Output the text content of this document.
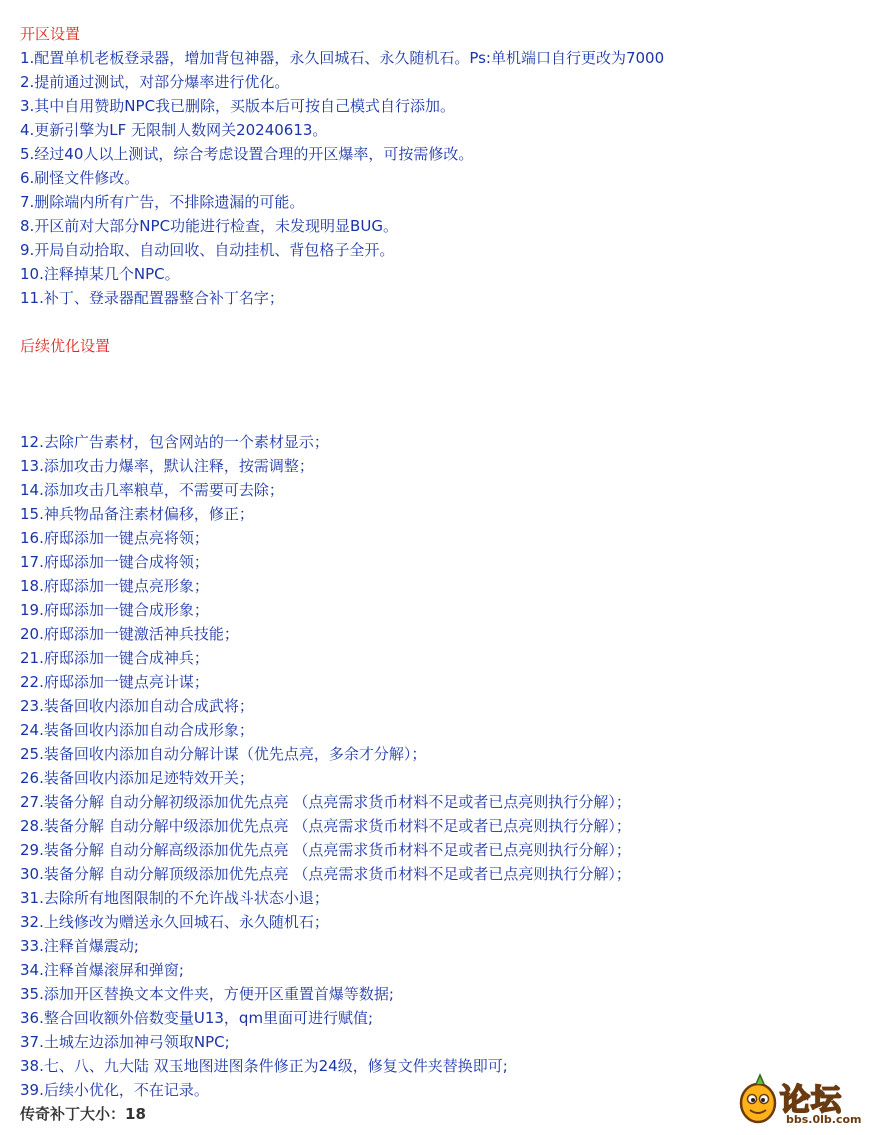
开区设置
1.配置单机老板登录器，增加背包神器，永久回城石、永久随机石。Ps:单机端口自行更改为7000
2.提前通过测试，对部分爆率进行优化。
3.其中自用赞助NPC我已删除，买版本后可按自己模式自行添加。
4.更新引擎为LF 无限制人数网关20240613。
5.经过40人以上测试，综合考虑设置合理的开区爆率，可按需修改。
6.刷怪文件修改。
7.删除端内所有广告，不排除遗漏的可能。
8.开区前对大部分NPC功能进行检查，未发现明显BUG。
9.开局自动拾取、自动回收、自动挂机、背包格子全开。
10.注释掉某几个NPC。
11.补丁、登录器配置器整合补丁名字；
后续优化设置
12.去除广告素材，包含网站的一个素材显示；
13.添加攻击力爆率，默认注释，按需调整；
14.添加攻击几率粮草，不需要可去除；
15.神兵物品备注素材偏移，修正；
16.府邸添加一键点亮将领；
17.府邸添加一键合成将领；
18.府邸添加一键点亮形象；
19.府邸添加一键合成形象；
20.府邸添加一键激活神兵技能；
21.府邸添加一键合成神兵；
22.府邸添加一键点亮计谋；
23.装备回收内添加自动合成武将；
24.装备回收内添加自动合成形象；
25.装备回收内添加自动分解计谋（优先点亮，多余才分解）；
26.装备回收内添加足迹特效开关；
27.装备分解 自动分解初级添加优先点亮 （点亮需求货币材料不足或者已点亮则执行分解）；
28.装备分解 自动分解中级添加优先点亮 （点亮需求货币材料不足或者已点亮则执行分解）；
29.装备分解 自动分解高级添加优先点亮 （点亮需求货币材料不足或者已点亮则执行分解）；
30.装备分解 自动分解顶级添加优先点亮 （点亮需求货币材料不足或者已点亮则执行分解）；
31.去除所有地图限制的不允许战斗状态小退；
32.上线修改为赠送永久回城石、永久随机石；
33.注释首爆震动;
34.注释首爆滚屏和弹窗;
35.添加开区替换文本文件夹，方便开区重置首爆等数据;
36.整合回收额外倍数变量U13，qm里面可进行赋值;
37.土城左边添加神弓领取NPC;
38.七、八、九大陆 双玉地图进图条件修正为24级，修复文件夹替换即可;
39.后续小优化，不在记录。
传奇补丁大小：18	论坛
bbs.0lb.com
